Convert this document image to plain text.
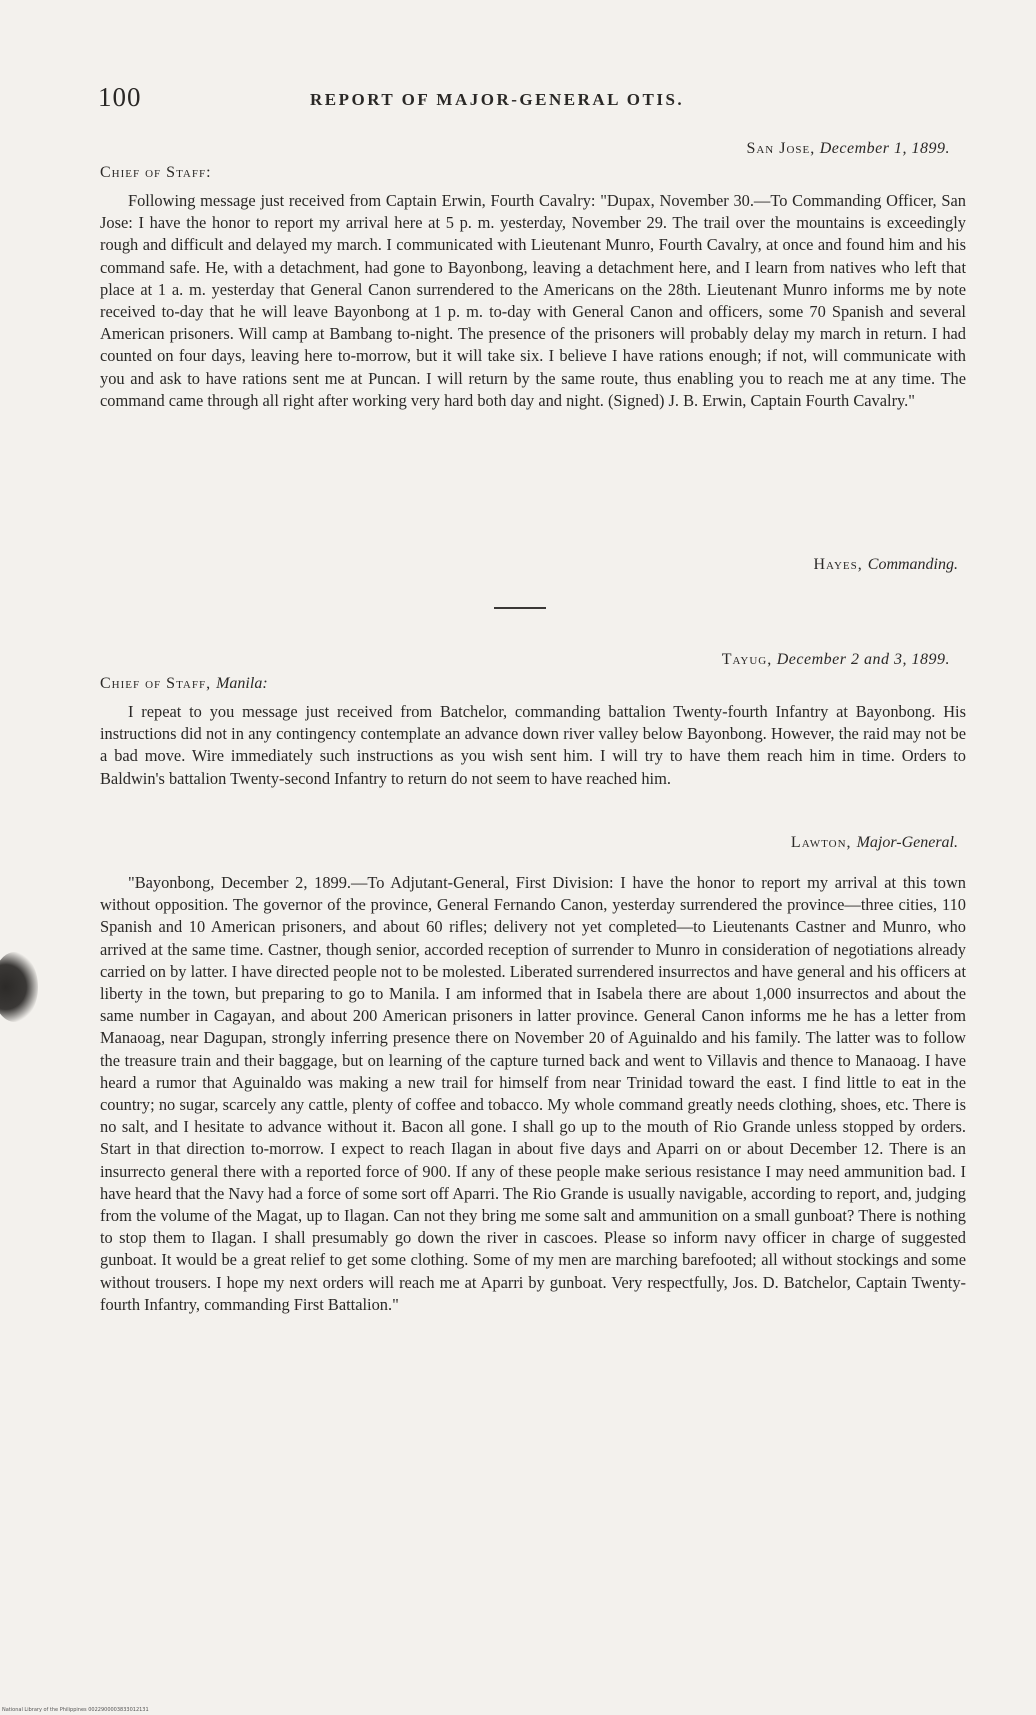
100	REPORT OF MAJOR-GENERAL OTIS.
San Jose, December 1, 1899.
Chief of Staff:

Following message just received from Captain Erwin, Fourth Cavalry: "Dupax, November 30.—To Commanding Officer, San Jose: I have the honor to report my arrival here at 5 p. m. yesterday, November 29. The trail over the mountains is exceedingly rough and difficult and delayed my march. I communicated with Lieutenant Munro, Fourth Cavalry, at once and found him and his command safe. He, with a detachment, had gone to Bayonbong, leaving a detachment here, and I learn from natives who left that place at 1 a. m. yesterday that General Canon surrendered to the Americans on the 28th. Lieutenant Munro informs me by note received to-day that he will leave Bayonbong at 1 p. m. to-day with General Canon and officers, some 70 Spanish and several American prisoners. Will camp at Bambang to-night. The presence of the prisoners will probably delay my march in return. I had counted on four days, leaving here to-morrow, but it will take six. I believe I have rations enough; if not, will communicate with you and ask to have rations sent me at Puncan. I will return by the same route, thus enabling you to reach me at any time. The command came through all right after working very hard both day and night. (Signed) J. B. Erwin, Captain Fourth Cavalry."

Hayes, Commanding.
Tayug, December 2 and 3, 1899.
Chief of Staff, Manila:

I repeat to you message just received from Batchelor, commanding battalion Twenty-fourth Infantry at Bayonbong. His instructions did not in any contingency contemplate an advance down river valley below Bayonbong. However, the raid may not be a bad move. Wire immediately such instructions as you wish sent him. I will try to have them reach him in time. Orders to Baldwin's battalion Twenty-second Infantry to return do not seem to have reached him.

Lawton, Major-General.

"Bayonbong, December 2, 1899.—To Adjutant-General, First Division: I have the honor to report my arrival at this town without opposition. The governor of the province, General Fernando Canon, yesterday surrendered the province—three cities, 110 Spanish and 10 American prisoners, and about 60 rifles; delivery not yet completed—to Lieutenants Castner and Munro, who arrived at the same time. Castner, though senior, accorded reception of surrender to Munro in consideration of negotiations already carried on by latter. I have directed people not to be molested. Liberated surrendered insurrectos and have general and his officers at liberty in the town, but preparing to go to Manila. I am informed that in Isabela there are about 1,000 insurrectos and about the same number in Cagayan, and about 200 American prisoners in latter province. General Canon informs me he has a letter from Manaoag, near Dagupan, strongly inferring presence there on November 20 of Aguinaldo and his family. The latter was to follow the treasure train and their baggage, but on learning of the capture turned back and went to Villavis and thence to Manaoag. I have heard a rumor that Aguinaldo was making a new trail for himself from near Trinidad toward the east. I find little to eat in the country; no sugar, scarcely any cattle, plenty of coffee and tobacco. My whole command greatly needs clothing, shoes, etc. There is no salt, and I hesitate to advance without it. Bacon all gone. I shall go up to the mouth of Rio Grande unless stopped by orders. Start in that direction to-morrow. I expect to reach Ilagan in about five days and Aparri on or about December 12. There is an insurrecto general there with a reported force of 900. If any of these people make serious resistance I may need ammunition bad. I have heard that the Navy had a force of some sort off Aparri. The Rio Grande is usually navigable, according to report, and, judging from the volume of the Magat, up to Ilagan. Can not they bring me some salt and ammunition on a small gunboat? There is nothing to stop them to Ilagan. I shall presumably go down the river in cascoes. Please so inform navy officer in charge of suggested gunboat. It would be a great relief to get some clothing. Some of my men are marching barefooted; all without stockings and some without trousers. I hope my next orders will reach me at Aparri by gunboat. Very respectfully, Jos. D. Batchelor, Captain Twenty-fourth Infantry, commanding First Battalion."

National Library of the Philippines 0022900003833012131
